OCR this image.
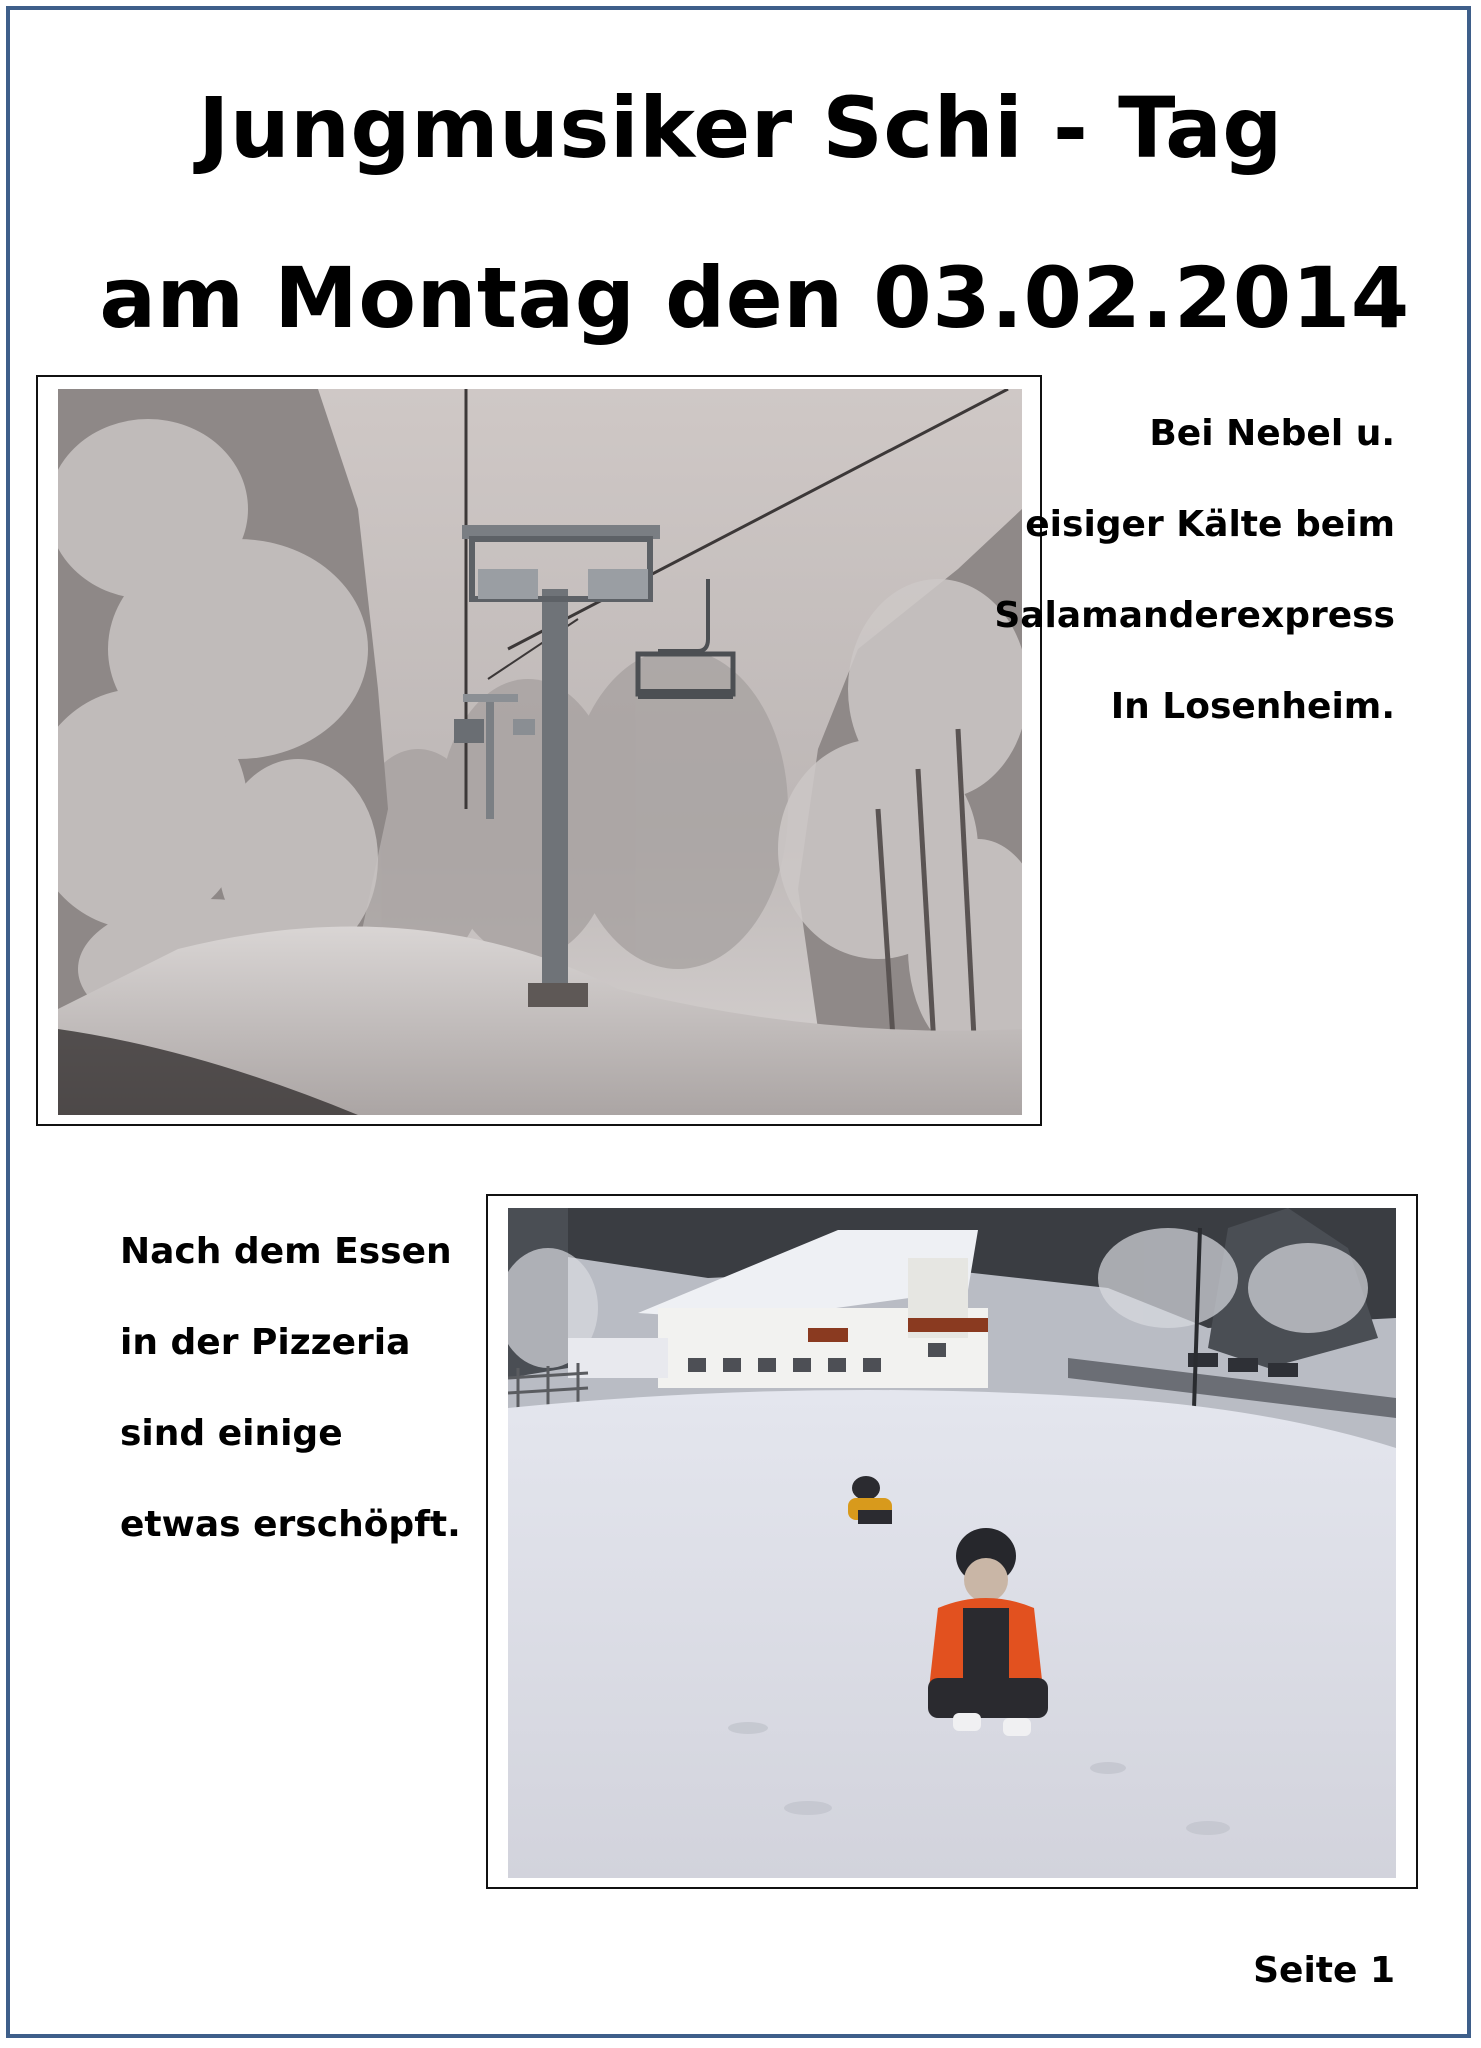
Jungmusiker Schi - Tag
am Montag den 03.02.2014
Bei Nebel u.
eisiger Kälte beim
Salamanderexpress
In Losenheim.
Nach dem Essen
in der Pizzeria
sind einige
etwas erschöpft.
Seite 1
